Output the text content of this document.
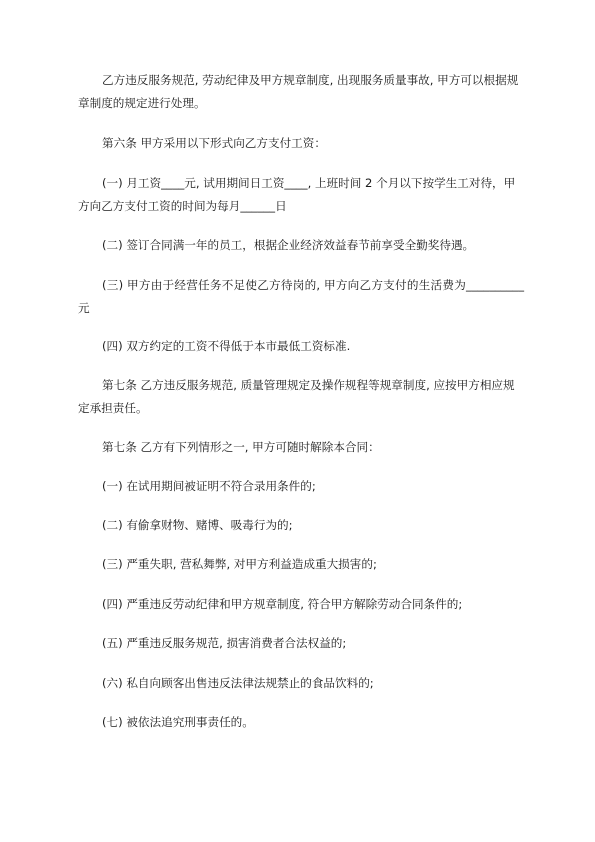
乙方违反服务规范, 劳动纪律及甲方规章制度, 出现服务质量事故, 甲方可以根据规章制度的规定进行处理。

第六条 甲方采用以下形式向乙方支付工资：

(一) 月工资____元, 试用期间日工资____, 上班时间 2 个月以下按学生工对待，甲方向乙方支付工资的时间为每月______日

(二) 签订合同满一年的员工，根据企业经济效益春节前享受全勤奖待遇。

(三) 甲方由于经营任务不足使乙方待岗的, 甲方向乙方支付的生活费为__________元

(四) 双方约定的工资不得低于本市最低工资标准.

第七条 乙方违反服务规范, 质量管理规定及操作规程等规章制度, 应按甲方相应规定承担责任。

第七条 乙方有下列情形之一, 甲方可随时解除本合同：

(一) 在试用期间被证明不符合录用条件的;

(二) 有偷拿财物、赌博、吸毒行为的;

(三) 严重失职, 营私舞弊, 对甲方利益造成重大损害的;

(四) 严重违反劳动纪律和甲方规章制度, 符合甲方解除劳动合同条件的;

(五) 严重违反服务规范, 损害消费者合法权益的;

(六) 私自向顾客出售违反法律法规禁止的食品饮料的;

(七) 被依法追究刑事责任的。
